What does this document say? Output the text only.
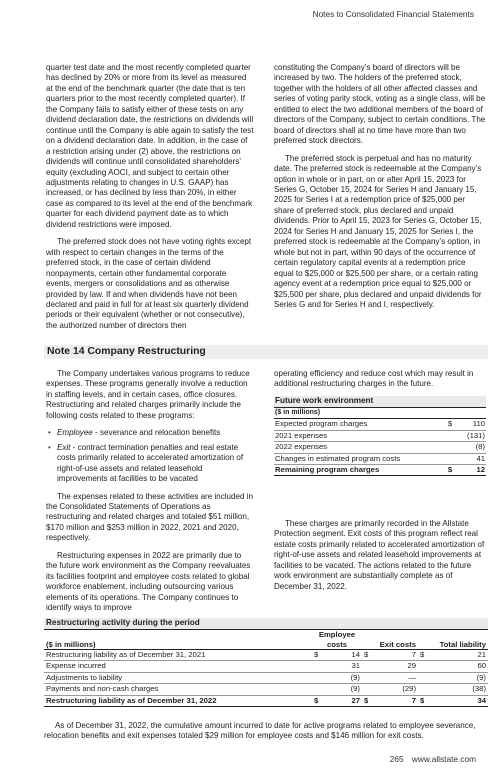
Notes to Consolidated Financial Statements

quarter test date and the most recently completed quarter has declined by 20% or more from its level as measured at the end of the benchmark quarter (the date that is ten quarters prior to the most recently completed quarter). If the Company fails to satisfy either of these tests on any dividend declaration date, the restrictions on dividends will continue until the Company is able again to satisfy the test on a dividend declaration date. In addition, in the case of a restriction arising under (2) above, the restrictions on dividends will continue until consolidated shareholders’ equity (excluding AOCI, and subject to certain other adjustments relating to changes in U.S. GAAP) has increased, or has declined by less than 20%, in either case as compared to its level at the end of the benchmark quarter for each dividend payment date as to which dividend restrictions were imposed.

The preferred stock does not have voting rights except with respect to certain changes in the terms of the preferred stock, in the case of certain dividend nonpayments, certain other fundamental corporate events, mergers or consolidations and as otherwise provided by law. If and when dividends have not been declared and paid in full for at least six quarterly dividend periods or their equivalent (whether or not consecutive), the authorized number of directors then

constituting the Company’s board of directors will be increased by two. The holders of the preferred stock, together with the holders of all other affected classes and series of voting parity stock, voting as a single class, will be entitled to elect the two additional members of the board of directors of the Company, subject to certain conditions. The board of directors shall at no time have more than two preferred stock directors.

The preferred stock is perpetual and has no maturity date. The preferred stock is redeemable at the Company’s option in whole or in part, on or after April 15, 2023 for Series G, October 15, 2024 for Series H and January 15, 2025 for Series I at a redemption price of $25,000 per share of preferred stock, plus declared and unpaid dividends. Prior to April 15, 2023 for Series G, October 15, 2024 for Series H and January 15, 2025 for Series I, the preferred stock is redeemable at the Company’s option, in whole but not in part, within 90 days of the occurrence of certain regulatory capital events at a redemption price equal to $25,000 or $25,500 per share, or a certain rating agency event at a redemption price equal to $25,000 or $25,500 per share, plus declared and unpaid dividends for Series G and for Series H and I, respectively.

Note 14 Company Restructuring

The Company undertakes various programs to reduce expenses. These programs generally involve a reduction in staffing levels, and in certain cases, office closures. Restructuring and related charges primarily include the following costs related to these programs:

• Employee - severance and relocation benefits
• Exit - contract termination penalties and real estate costs primarily related to accelerated amortization of right-of-use assets and related leasehold improvements at facilities to be vacated

The expenses related to these activities are included in the Consolidated Statements of Operations as restructuring and related charges and totaled $51 million, $170 million and $253 million in 2022, 2021 and 2020, respectively.

Restructuring expenses in 2022 are primarily due to the future work environment as the Company reevaluates its facilities footprint and employee costs related to global workforce enablement, including outsourcing various elements of its operations. The Company continues to identify ways to improve

operating efficiency and reduce cost which may result in additional restructuring charges in the future.

Future work environment		
($ in millions)		
Expected program charges	$	110
2021 expenses		(131)
2022 expenses		(8)
Changes in estimated program costs		41
Remaining program charges	$	12

These charges are primarily recorded in the Allstate Protection segment. Exit costs of this program reflect real estate costs primarily related to accelerated amortization of right-of-use assets and related leasehold improvements at facilities to be vacated. The actions related to the future work environment are substantially complete as of December 31, 2022.

Restructuring activity during the period						
($ in millions)	Employee costs		Exit costs		Total liability	
Restructuring liability as of December 31, 2021	$	14	$	7	$	21
Expense incurred		31		29		60
Adjustments to liability		(9)		—		(9)
Payments and non-cash charges		(9)		(29)		(38)
Restructuring liability as of December 31, 2022	$	27	$	7	$	34

As of December 31, 2022, the cumulative amount incurred to date for active programs related to employee severance, relocation benefits and exit expenses totaled $29 million for employee costs and $146 million for exit costs.

265 www.allstate.com
